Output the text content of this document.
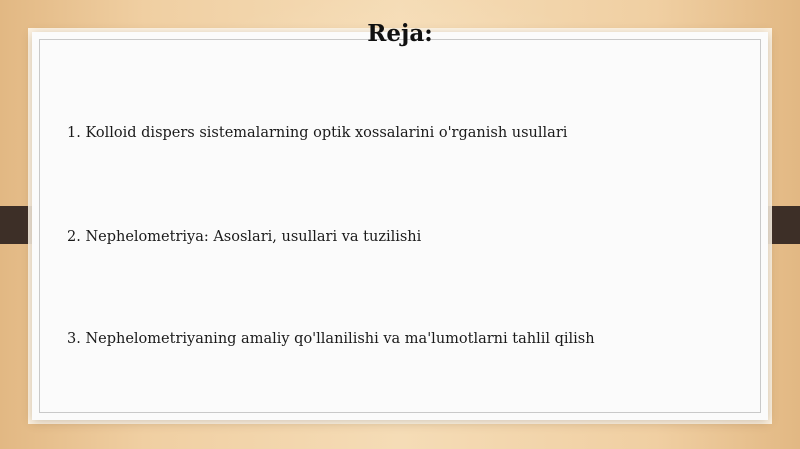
Reja:
1. Kolloid dispers sistemalarning optik xossalarini o'rganish usullari
2. Nephelometriya: Asoslari, usullari va tuzilishi
3. Nephelometriyaning amaliy qo'llanilishi va ma'lumotlarni tahlil qilish
